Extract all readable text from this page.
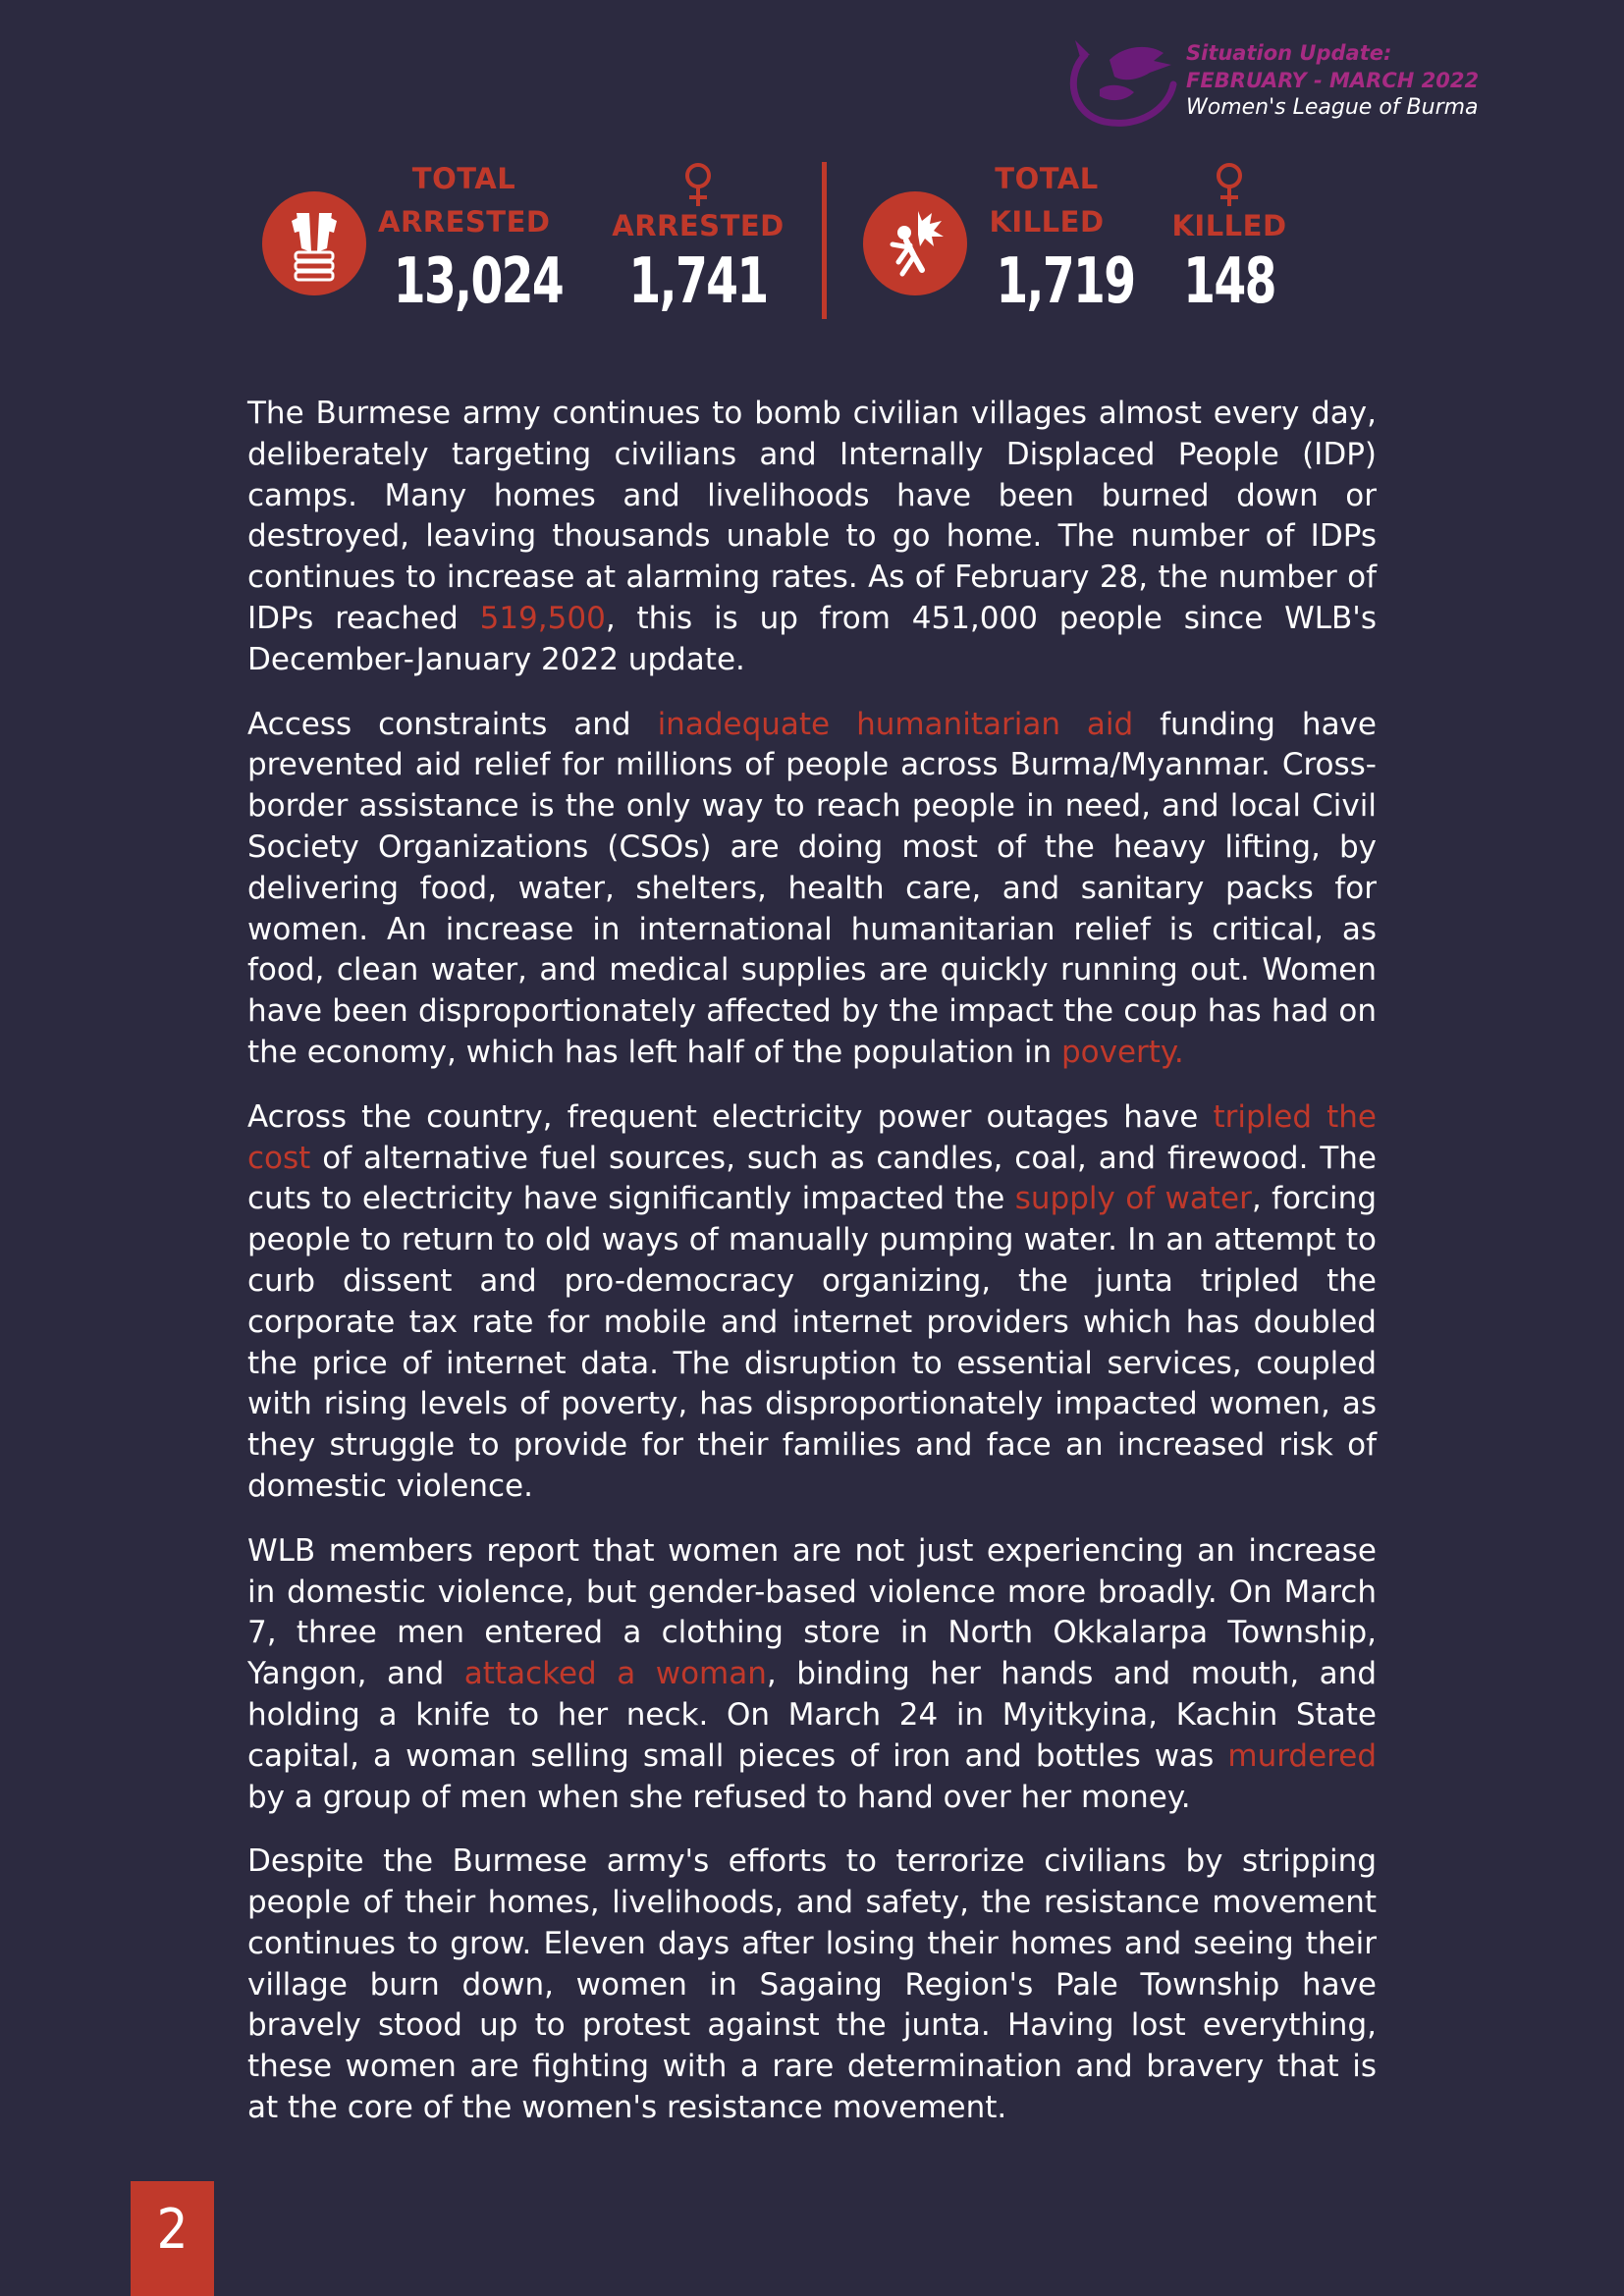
Situation Update:
FEBRUARY - MARCH 2022
Women's League of Burma
TOTAL
ARRESTED
13,024
ARRESTED
1,741
TOTAL
KILLED
1,719
KILLED
148

The Burmese army continues to bomb civilian villages almost every day, deliberately targeting civilians and Internally Displaced People (IDP) camps. Many homes and livelihoods have been burned down or destroyed, leaving thousands unable to go home. The number of IDPs continues to increase at alarming rates. As of February 28, the number of IDPs reached 519,500, this is up from 451,000 people since WLB's December-January 2022 update.

Access constraints and inadequate humanitarian aid funding have prevented aid relief for millions of people across Burma/Myanmar. Cross-border assistance is the only way to reach people in need, and local Civil Society Organizations (CSOs) are doing most of the heavy lifting, by delivering food, water, shelters, health care, and sanitary packs for women. An increase in international humanitarian relief is critical, as food, clean water, and medical supplies are quickly running out. Women have been disproportionately affected by the impact the coup has had on the economy, which has left half of the population in poverty.

Across the country, frequent electricity power outages have tripled the cost of alternative fuel sources, such as candles, coal, and firewood. The cuts to electricity have significantly impacted the supply of water, forcing people to return to old ways of manually pumping water. In an attempt to curb dissent and pro-democracy organizing, the junta tripled the corporate tax rate for mobile and internet providers which has doubled the price of internet data. The disruption to essential services, coupled with rising levels of poverty, has disproportionately impacted women, as they struggle to provide for their families and face an increased risk of domestic violence.

WLB members report that women are not just experiencing an increase in domestic violence, but gender-based violence more broadly. On March 7, three men entered a clothing store in North Okkalarpa Township, Yangon, and attacked a woman, binding her hands and mouth, and holding a knife to her neck. On March 24 in Myitkyina, Kachin State capital, a woman selling small pieces of iron and bottles was murdered by a group of men when she refused to hand over her money.

Despite the Burmese army's efforts to terrorize civilians by stripping people of their homes, livelihoods, and safety, the resistance movement continues to grow. Eleven days after losing their homes and seeing their village burn down, women in Sagaing Region's Pale Township have bravely stood up to protest against the junta. Having lost everything, these women are fighting with a rare determination and bravery that is at the core of the women's resistance movement.

2
